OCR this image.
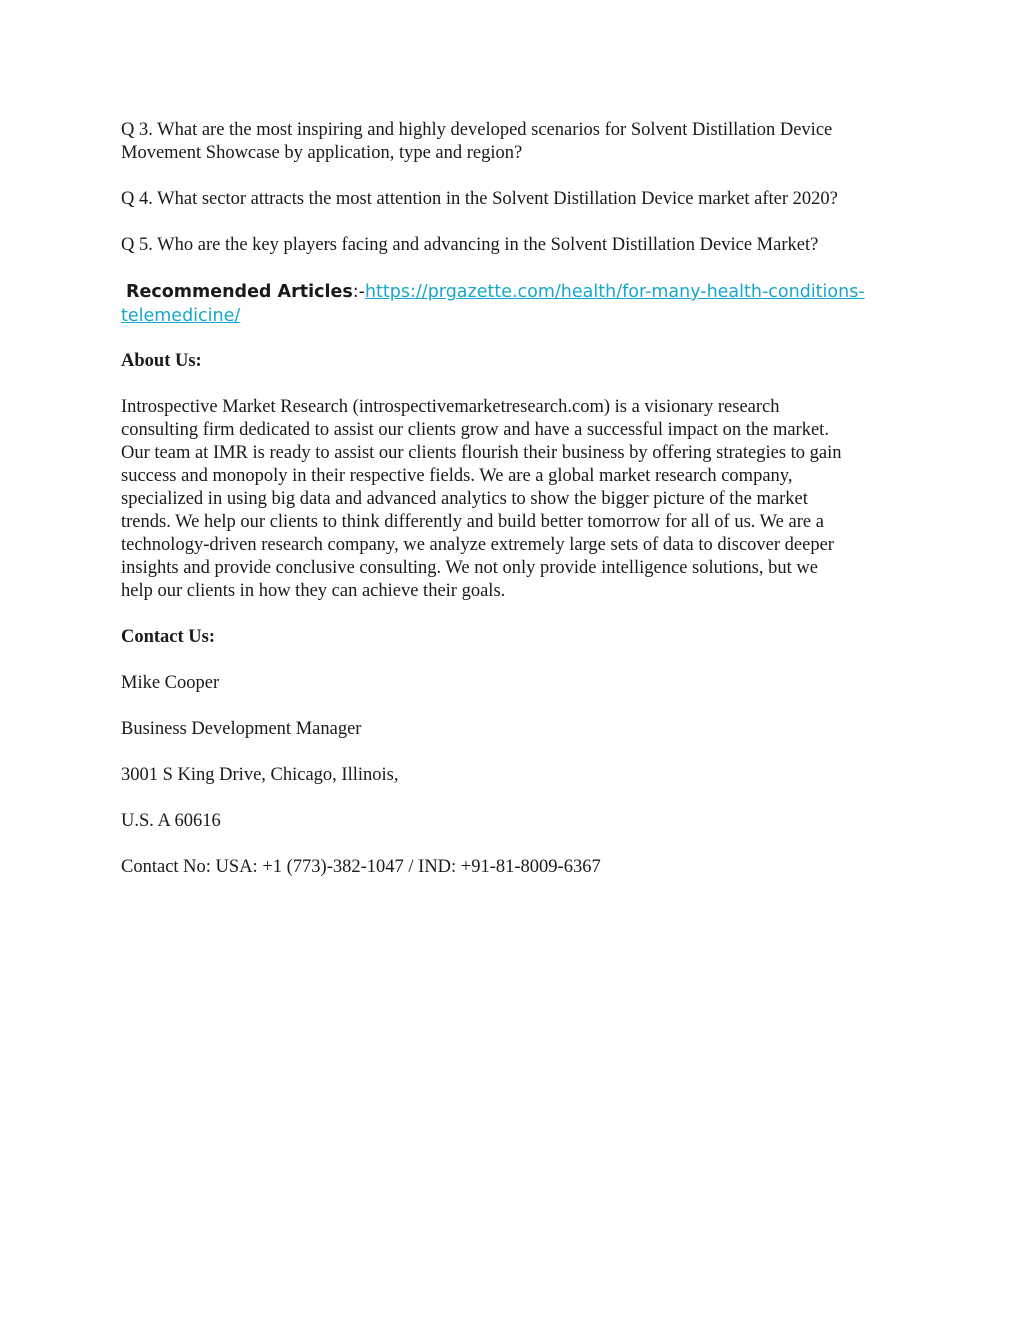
Q 3. What are the most inspiring and highly developed scenarios for Solvent Distillation Device Movement Showcase by application, type and region?

Q 4. What sector attracts the most attention in the Solvent Distillation Device market after 2020?

Q 5. Who are the key players facing and advancing in the Solvent Distillation Device Market?

Recommended Articles:-https://prgazette.com/health/for-many-health-conditions-
telemedicine/

About Us:

Introspective Market Research (introspectivemarketresearch.com) is a visionary research
consulting firm dedicated to assist our clients grow and have a successful impact on the market.
Our team at IMR is ready to assist our clients flourish their business by offering strategies to gain
success and monopoly in their respective fields. We are a global market research company,
specialized in using big data and advanced analytics to show the bigger picture of the market
trends. We help our clients to think differently and build better tomorrow for all of us. We are a
technology-driven research company, we analyze extremely large sets of data to discover deeper
insights and provide conclusive consulting. We not only provide intelligence solutions, but we
help our clients in how they can achieve their goals.

Contact Us:

Mike Cooper

Business Development Manager

3001 S King Drive, Chicago, Illinois,

U.S. A 60616

Contact No: USA: +1 (773)-382-1047 / IND: +91-81-8009-6367
